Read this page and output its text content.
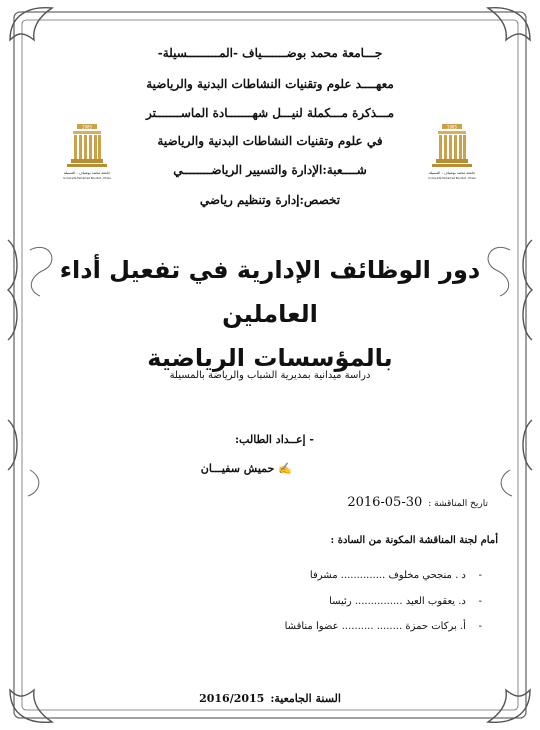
جـــامعة محمد بوضـــــــياف -المـــــــــسيلة-
معهــــد علوم وتقنيات النشاطات البدنية والرياضية
مـــذكرة مـــكملة لنيـــل شهـــــــادة الماســـــــتر
في علوم وتقنيات النشاطات البدنية والرياضية
شــــعبة:الإدارة والتسيير الرياضــــــــي
تخصص:إدارة وتنظيم رياضي
1985
جامعة محمد بوضياف - المسيلة
Université Mohamed Boudiaf - M'sila
1985
جامعة محمد بوضياف - المسيلة
Université Mohamed Boudiaf - M'sila
دور الوظائف الإدارية في تفعيل أداء العاملين
بالمؤسسات الرياضية
دراسة ميدانية بمديرية الشباب والرياضة بالمسيلة
- إعــداد الطالب:
✍
حميش سفيـــان
تاريخ المناقشة :
2016-05-30
أمام لجنة المناقشة المكونة من السادة :
-    د . منجحي مخلوف .............. مشرفا
-    د. يعقوب العيد ............... رئيسا
-    أ. بركات حمزة ........ .......... عضوا مناقشا
السنة الجامعية:
2016/2015
